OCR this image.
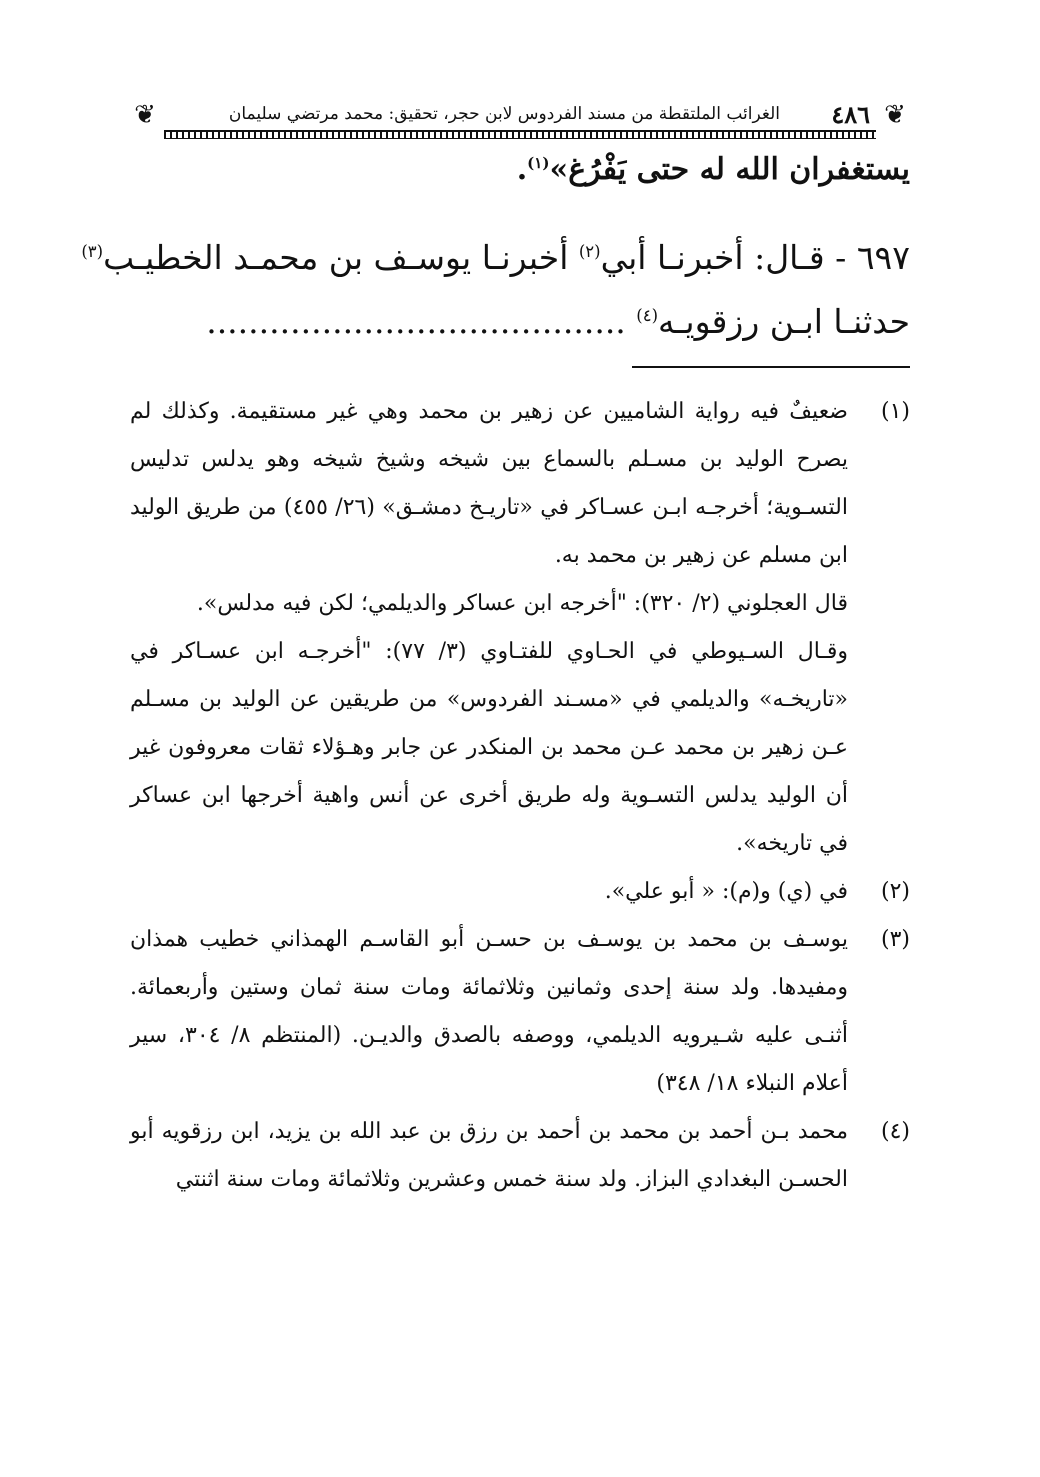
❦
٤٨٦
الغرائب الملتقطة من مسند الفردوس لابن حجر، تحقيق: محمد مرتضي سليمان
❦
يستغفران الله له حتى يَفْرُغ»$^{(١)}$.
٦٩٧ - قـال: أخبرنـا أبي$^{(٢)}$ أخبرنـا يوسـف بن محمـد الخطيـب$^{(٣)}$
حدثنـا ابـن رزقويـه$^{(٤)}$ ........................................
(١)

ضعيفٌ فيه رواية الشاميين عن زهير بن محمد وهي غير مستقيمة. وكذلك لم يصرح الوليد بن مسـلم بالسماع بين شيخه وشيخ شيخه وهو يدلس تدليس التسـوية؛ أخرجـه ابـن عسـاكر في «تاريـخ دمشـق» (٢٦/ ٤٥٥) من طريق الوليد ابن مسلم عن زهير بن محمد به.

قال العجلوني (٢/ ٣٢٠): "أخرجه ابن عساكر والديلمي؛ لكن فيه مدلس».

وقـال السـيوطي في الحـاوي للفتـاوي (٣/ ٧٧): "أخرجـه ابن عسـاكر في «تاريخـه» والديلمي في «مسـند الفردوس» من طريقين عن الوليد بن مسـلم عـن زهير بن محمد عـن محمد بن المنكدر عن جابر وهـؤلاء ثقات معروفون غير أن الوليد يدلس التسـوية وله طريق أخرى عن أنس واهية أخرجها ابن عساكر في تاريخه».

(٢)

في (ي) و(م): « أبو علي».

(٣)

يوسـف بن محمد بن يوسـف بن حسـن أبو القاسـم الهمذاني خطيب همذان ومفيدها. ولد سنة إحدى وثمانين وثلاثمائة ومات سنة ثمان وستين وأربعمائة. أثنـى عليه شـيرويه الديلمي، ووصفه بالصدق والديـن. (المنتظم ٨/ ٣٠٤، سير أعلام النبلاء ١٨/ ٣٤٨)

(٤)

محمد بـن أحمد بن محمد بن أحمد بن رزق بن عبد الله بن يزيد، ابن رزقويه أبو الحسـن البغدادي البزاز. ولد سنة خمس وعشرين وثلاثمائة ومات سنة اثنتي
